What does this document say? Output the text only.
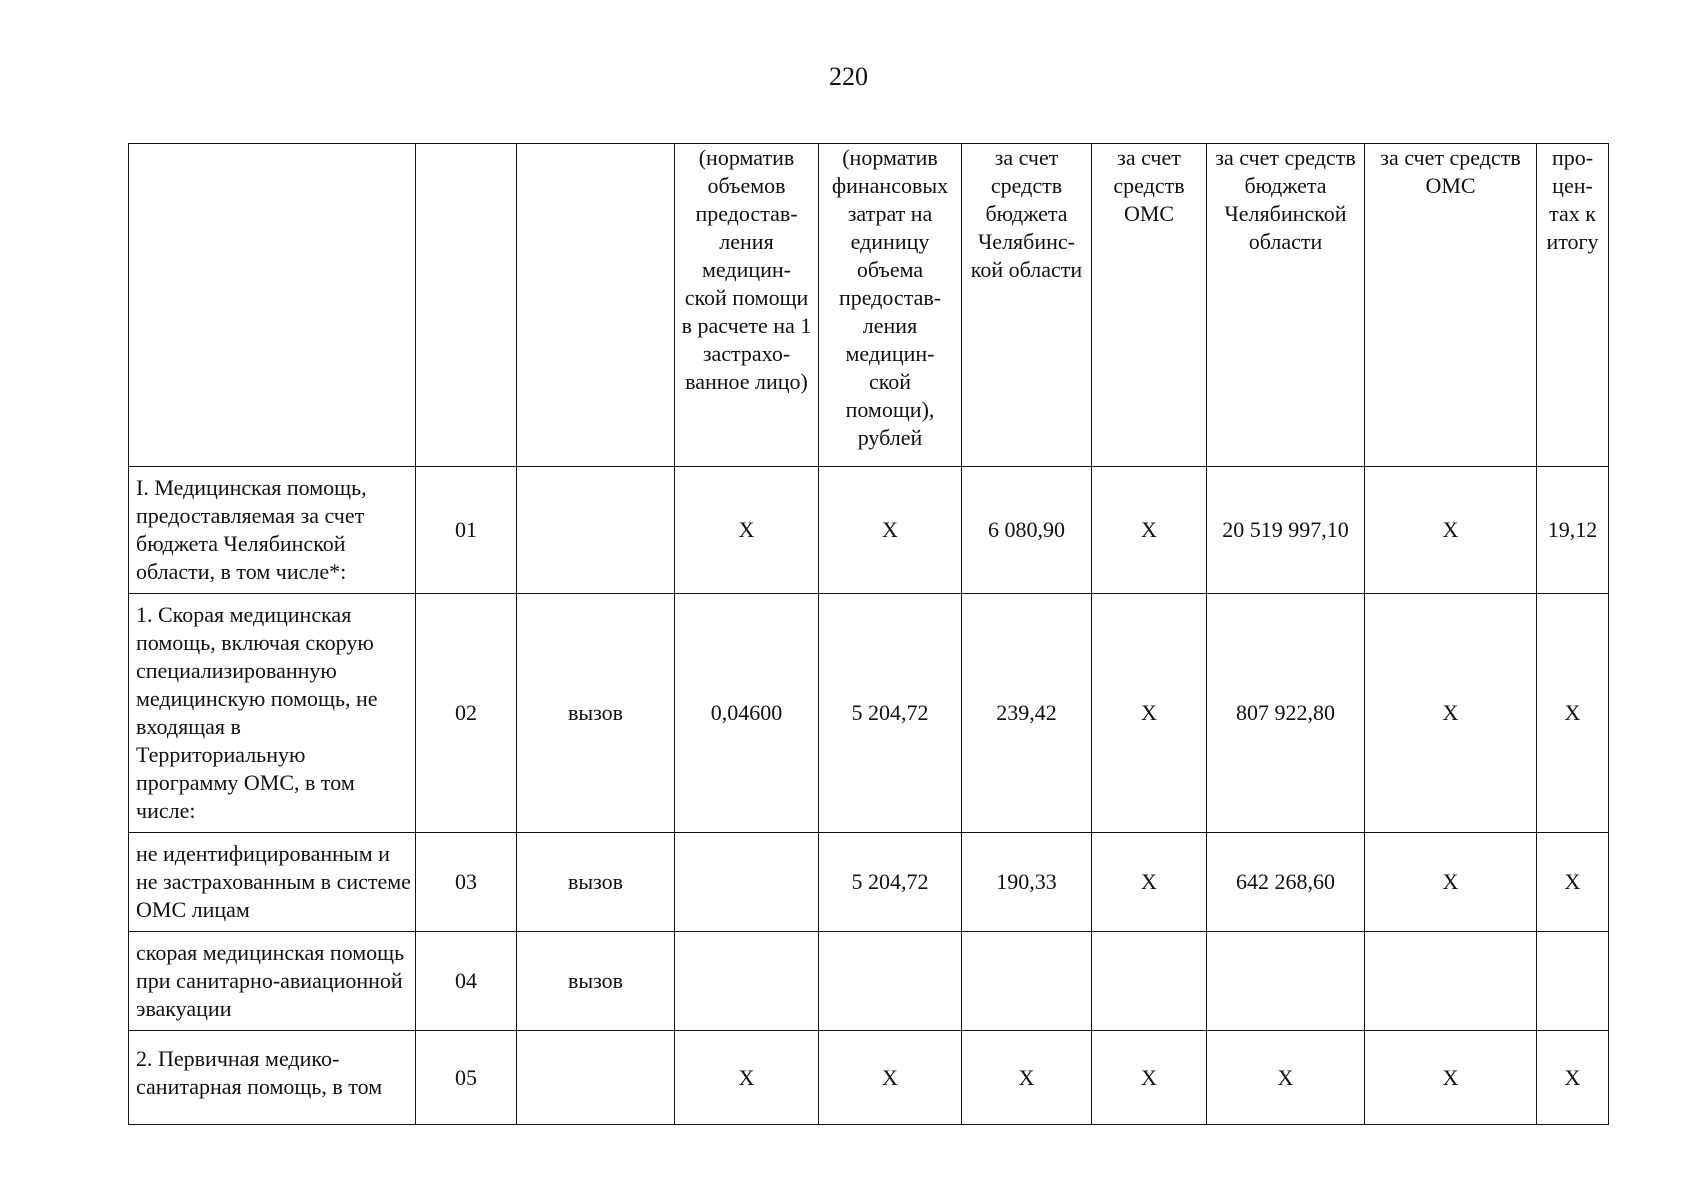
220
			(норматив объемов предостав-ления медицин-ской помощи в расчете на 1 застрахо-ванное лицо)	(норматив финансовых затрат на единицу объема предостав-ления медицин-ской помощи), рублей	за счет средств бюджета Челябинс-кой области	за счет средств ОМС	за счет средств бюджета Челябинской области	за счет средств ОМС	про-цен-тах к итогу
I. Медицинская помощь, предоставляемая за счет бюджета Челябинской области, в том числе*:	01		Х	Х	6 080,90	Х	20 519 997,10	Х	19,12
1. Скорая медицинская помощь, включая скорую специализированную медицинскую помощь, не входящая в Территориальную программу ОМС, в том числе:	02	вызов	0,04600	5 204,72	239,42	Х	807 922,80	Х	Х
не идентифицированным и не застрахованным в системе ОМС лицам	03	вызов		5 204,72	190,33	Х	642 268,60	Х	Х
скорая медицинская помощь при санитарно-авиационной эвакуации	04	вызов							
2. Первичная медико-санитарная помощь, в том	05		Х	Х	Х	Х	Х	Х	Х
